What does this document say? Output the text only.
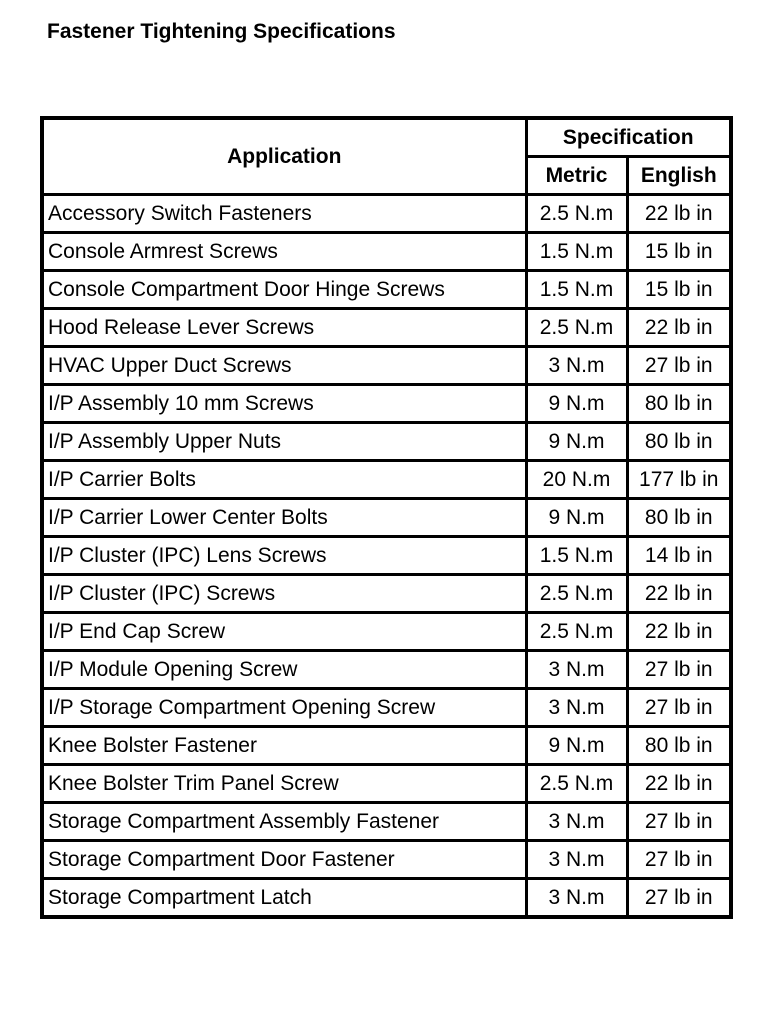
Fastener Tightening Specifications
Application	Specification	
	Metric	English
Accessory Switch Fasteners	2.5 N.m	22 lb in
Console Armrest Screws	1.5 N.m	15 lb in
Console Compartment Door Hinge Screws	1.5 N.m	15 lb in
Hood Release Lever Screws	2.5 N.m	22 lb in
HVAC Upper Duct Screws	3 N.m	27 lb in
I/P Assembly 10 mm Screws	9 N.m	80 lb in
I/P Assembly Upper Nuts	9 N.m	80 lb in
I/P Carrier Bolts	20 N.m	177 lb in
I/P Carrier Lower Center Bolts	9 N.m	80 lb in
I/P Cluster (IPC) Lens Screws	1.5 N.m	14 lb in
I/P Cluster (IPC) Screws	2.5 N.m	22 lb in
I/P End Cap Screw	2.5 N.m	22 lb in
I/P Module Opening Screw	3 N.m	27 lb in
I/P Storage Compartment Opening Screw	3 N.m	27 lb in
Knee Bolster Fastener	9 N.m	80 lb in
Knee Bolster Trim Panel Screw	2.5 N.m	22 lb in
Storage Compartment Assembly Fastener	3 N.m	27 lb in
Storage Compartment Door Fastener	3 N.m	27 lb in
Storage Compartment Latch	3 N.m	27 lb in
